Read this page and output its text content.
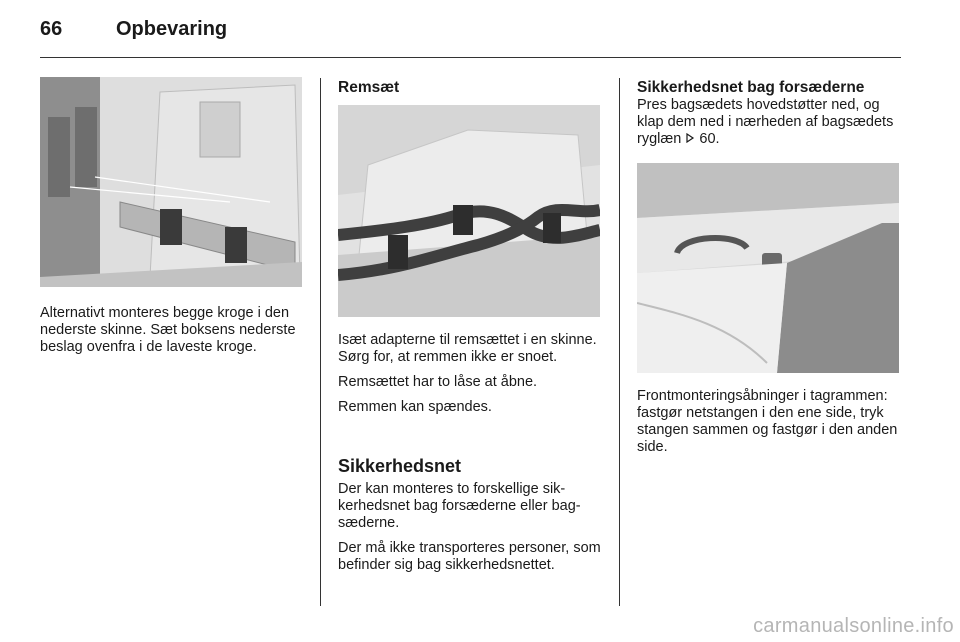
66	Opbevaring

Alternativt monteres begge kroge i den nederste skinne. Sæt boksens nederste beslag ovenfra i de laveste kroge.

Remsæt

Isæt adapterne til remsættet i en skinne. Sørg for, at remmen ikke er snoet.

Remsættet har to låse at åbne.

Remmen kan spændes.

Sikkerhedsnet

Der kan monteres to forskellige sikkerhedsnet bag forsæderne eller bagsæderne.

Der må ikke transporteres personer, som befinder sig bag sikkerhedsnettet.

Sikkerhedsnet bag forsæderne

Pres bagsædets hovedstøtter ned, og klap dem ned i nærheden af bagsædets ryglæn 60.

Frontmonteringsåbninger i tagrammen: fastgør netstangen i den ene side, tryk stangen sammen og fastgør i den anden side.

carmanualsonline.info
